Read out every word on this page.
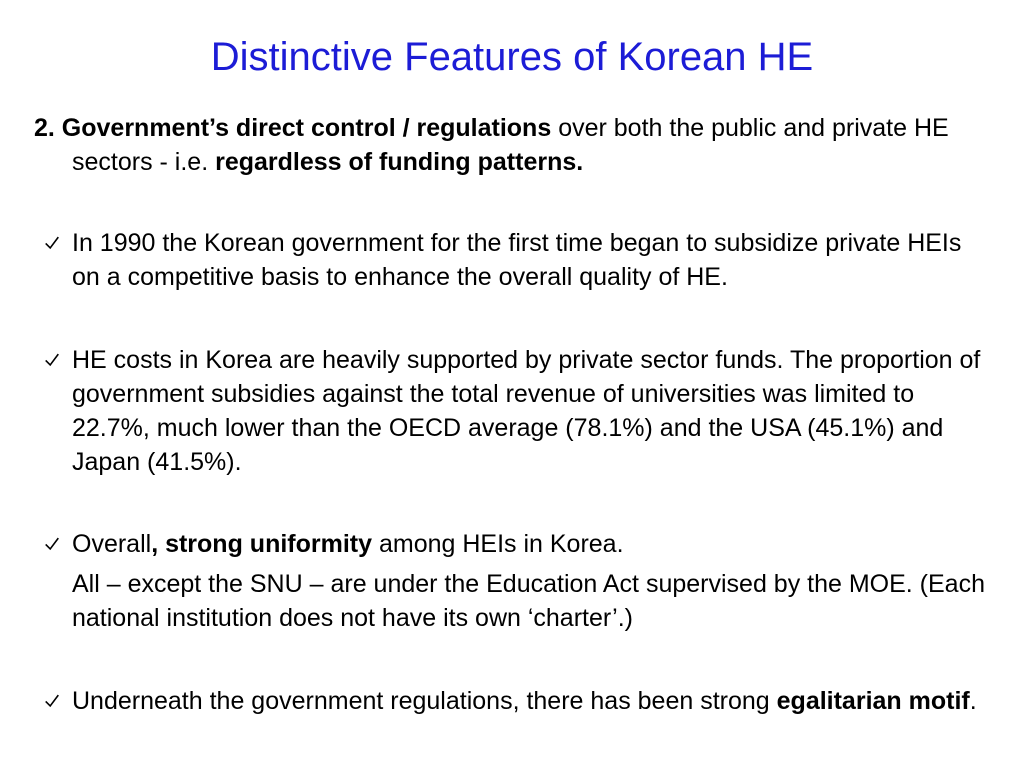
Distinctive Features of Korean HE
2. Government’s direct control / regulations over both the public and private HE sectors - i.e. regardless of funding patterns.
In 1990 the Korean government for the first time began to subsidize private HEIs on a competitive basis to enhance the overall quality of HE.
HE costs in Korea are heavily supported by private sector funds. The proportion of government subsidies against the total revenue of universities was limited to 22.7%, much lower than the OECD average (78.1%) and the USA (45.1%) and Japan (41.5%).
Overall, strong uniformity among HEIs in Korea.
All – except the SNU – are under the Education Act supervised by the MOE. (Each national institution does not have its own ‘charter’.)
Underneath the government regulations, there has been strong egalitarian motif.
